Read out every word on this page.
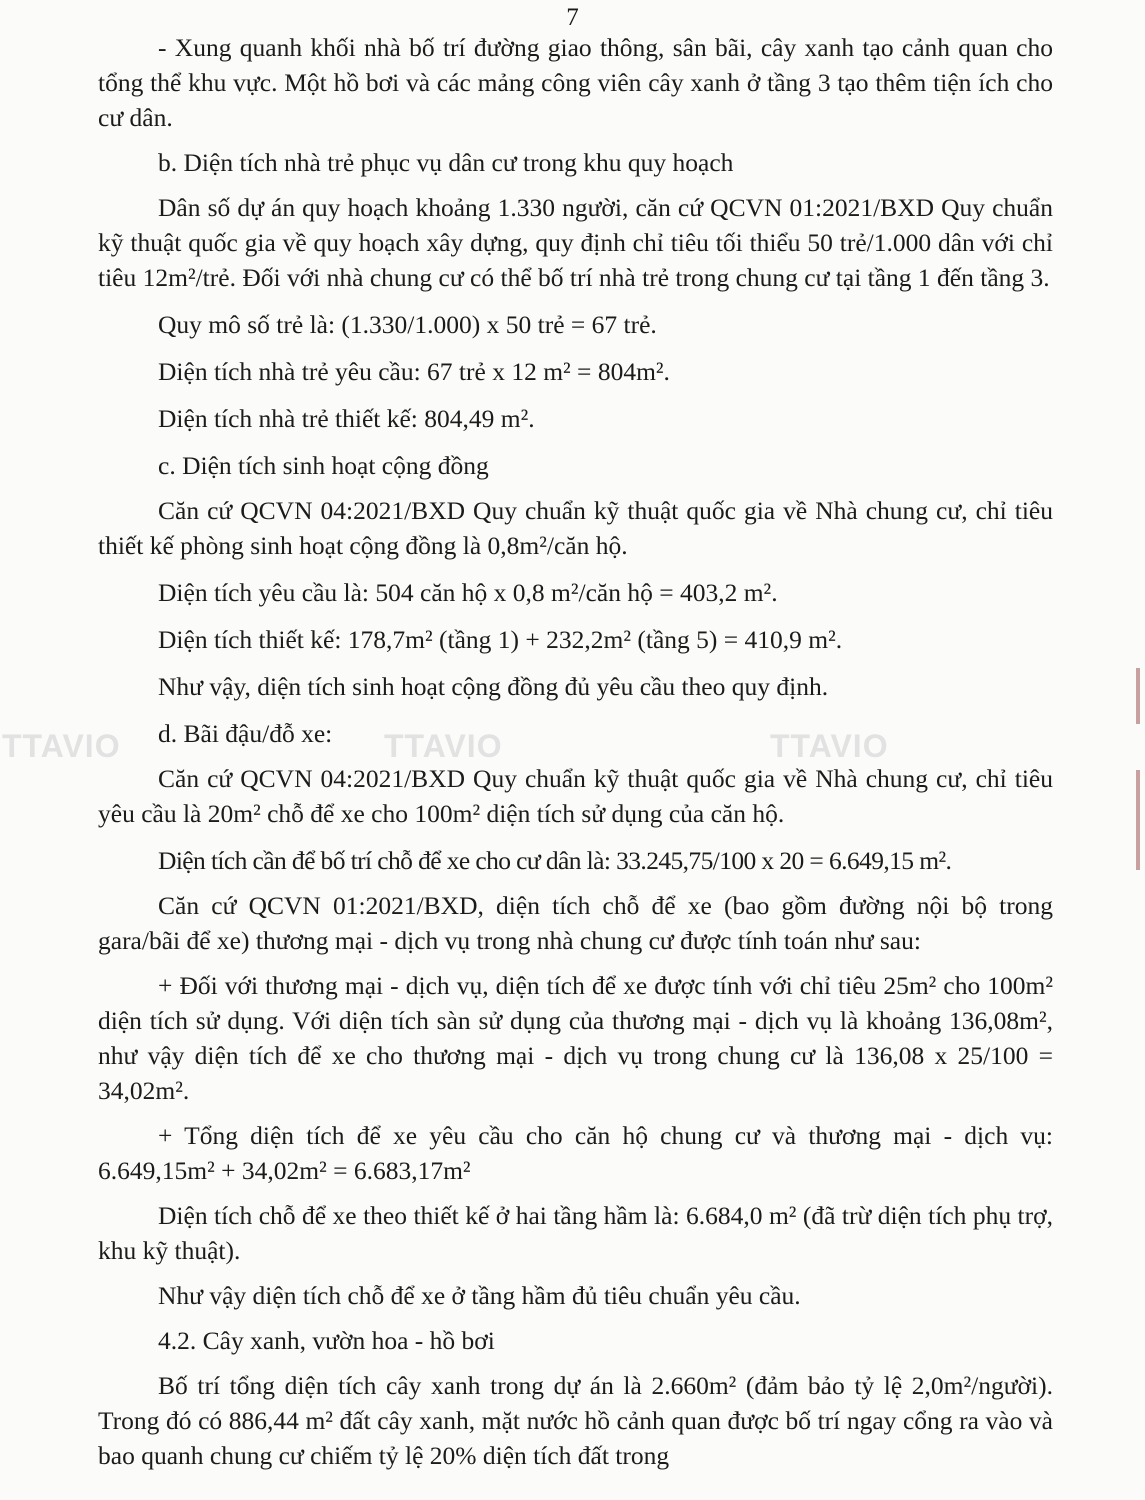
7
TTAVIO	TTAVIO	TTAVIO

- Xung quanh khối nhà bố trí đường giao thông, sân bãi, cây xanh tạo cảnh quan cho tổng thể khu vực. Một hồ bơi và các mảng công viên cây xanh ở tầng 3 tạo thêm tiện ích cho cư dân.

b. Diện tích nhà trẻ phục vụ dân cư trong khu quy hoạch

Dân số dự án quy hoạch khoảng 1.330 người, căn cứ QCVN 01:2021/BXD Quy chuẩn kỹ thuật quốc gia về quy hoạch xây dựng, quy định chỉ tiêu tối thiểu 50 trẻ/1.000 dân với chỉ tiêu 12m²/trẻ. Đối với nhà chung cư có thể bố trí nhà trẻ trong chung cư tại tầng 1 đến tầng 3.

Quy mô số trẻ là: (1.330/1.000) x 50 trẻ = 67 trẻ.

Diện tích nhà trẻ yêu cầu: 67 trẻ x 12 m² = 804m².

Diện tích nhà trẻ thiết kế: 804,49 m².

c. Diện tích sinh hoạt cộng đồng

Căn cứ QCVN 04:2021/BXD Quy chuẩn kỹ thuật quốc gia về Nhà chung cư, chỉ tiêu thiết kế phòng sinh hoạt cộng đồng là 0,8m²/căn hộ.

Diện tích yêu cầu là: 504 căn hộ x 0,8 m²/căn hộ = 403,2 m².

Diện tích thiết kế: 178,7m² (tầng 1) + 232,2m² (tầng 5) = 410,9 m².

Như vậy, diện tích sinh hoạt cộng đồng đủ yêu cầu theo quy định.

d. Bãi đậu/đỗ xe:

Căn cứ QCVN 04:2021/BXD Quy chuẩn kỹ thuật quốc gia về Nhà chung cư, chỉ tiêu yêu cầu là 20m² chỗ để xe cho 100m² diện tích sử dụng của căn hộ.

Diện tích cần để bố trí chỗ để xe cho cư dân là: 33.245,75/100 x 20 = 6.649,15 m².

Căn cứ QCVN 01:2021/BXD, diện tích chỗ để xe (bao gồm đường nội bộ trong gara/bãi để xe) thương mại - dịch vụ trong nhà chung cư được tính toán như sau:

+ Đối với thương mại - dịch vụ, diện tích để xe được tính với chỉ tiêu 25m² cho 100m² diện tích sử dụng. Với diện tích sàn sử dụng của thương mại - dịch vụ là khoảng 136,08m², như vậy diện tích để xe cho thương mại - dịch vụ trong chung cư là 136,08 x 25/100 = 34,02m².

+ Tổng diện tích để xe yêu cầu cho căn hộ chung cư và thương mại - dịch vụ: 6.649,15m² + 34,02m² = 6.683,17m²

Diện tích chỗ để xe theo thiết kế ở hai tầng hầm là: 6.684,0 m² (đã trừ diện tích phụ trợ, khu kỹ thuật).

Như vậy diện tích chỗ để xe ở tầng hầm đủ tiêu chuẩn yêu cầu.

4.2. Cây xanh, vườn hoa - hồ bơi

Bố trí tổng diện tích cây xanh trong dự án là 2.660m² (đảm bảo tỷ lệ 2,0m²/người). Trong đó có 886,44 m² đất cây xanh, mặt nước hồ cảnh quan được bố trí ngay cổng ra vào và bao quanh chung cư chiếm tỷ lệ 20% diện tích đất trong
